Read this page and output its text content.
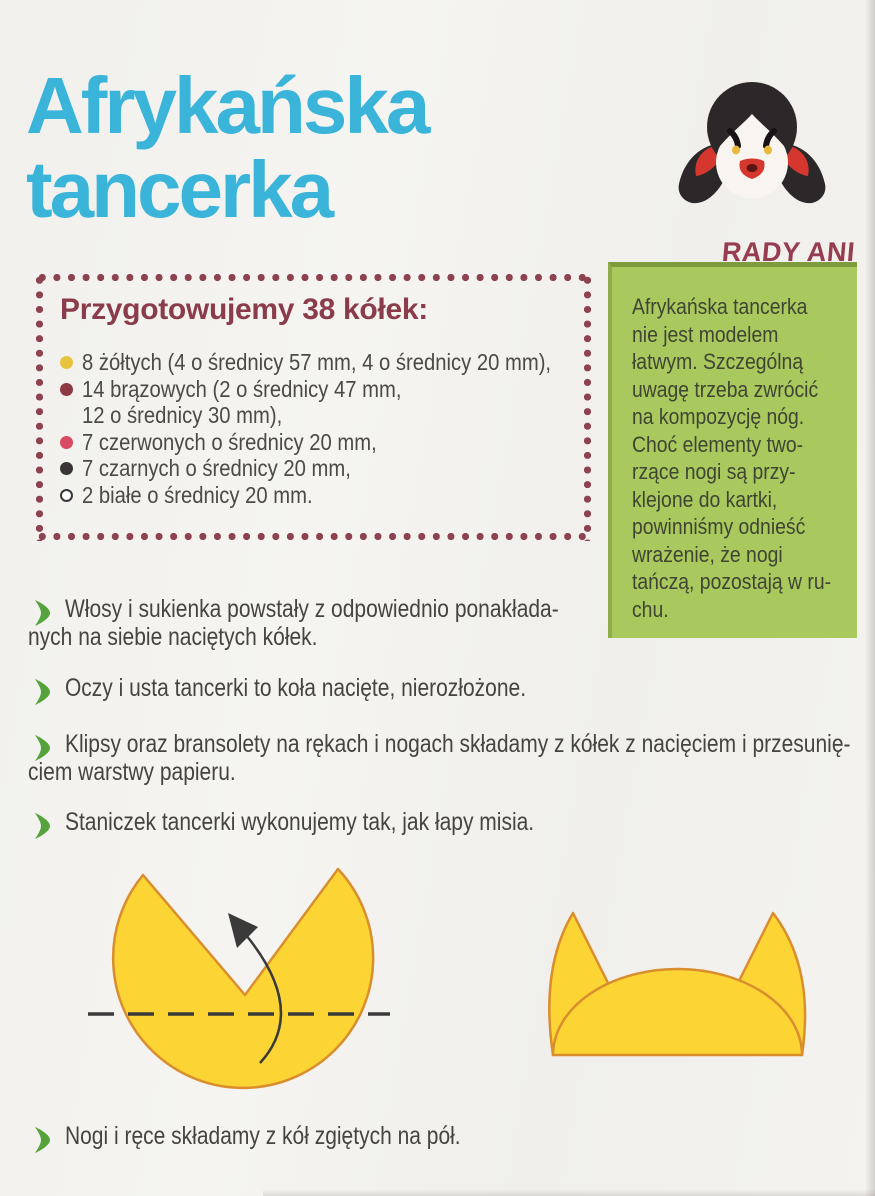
Afrykańska
tancerka
RADY ANI
Afrykańska tancerka
nie jest modelem
łatwym. Szczególną
uwagę trzeba zwrócić
na kompozycję nóg.
Choć elementy two-
rzące nogi są przy-
klejone do kartki,
powinniśmy odnieść
wrażenie, że nogi
tańczą, pozostają w ru-
chu.
Przygotowujemy 38 kółek:
8 żółtych (4 o średnicy 57 mm, 4 o średnicy 20 mm),
14 brązowych (2 o średnicy 47 mm,
12 o średnicy 30 mm),
7 czerwonych o średnicy 20 mm,
7 czarnych o średnicy 20 mm,
2 białe o średnicy 20 mm.
Włosy i sukienka powstały z odpowiednio ponakłada-
nych na siebie naciętych kółek.
Oczy i usta tancerki to koła nacięte, nierozłożone.
Klipsy oraz bransolety na rękach i nogach składamy z kółek z nacięciem i przesunię-
ciem warstwy papieru.
Staniczek tancerki wykonujemy tak, jak łapy misia.
Nogi i ręce składamy z kół zgiętych na pół.
